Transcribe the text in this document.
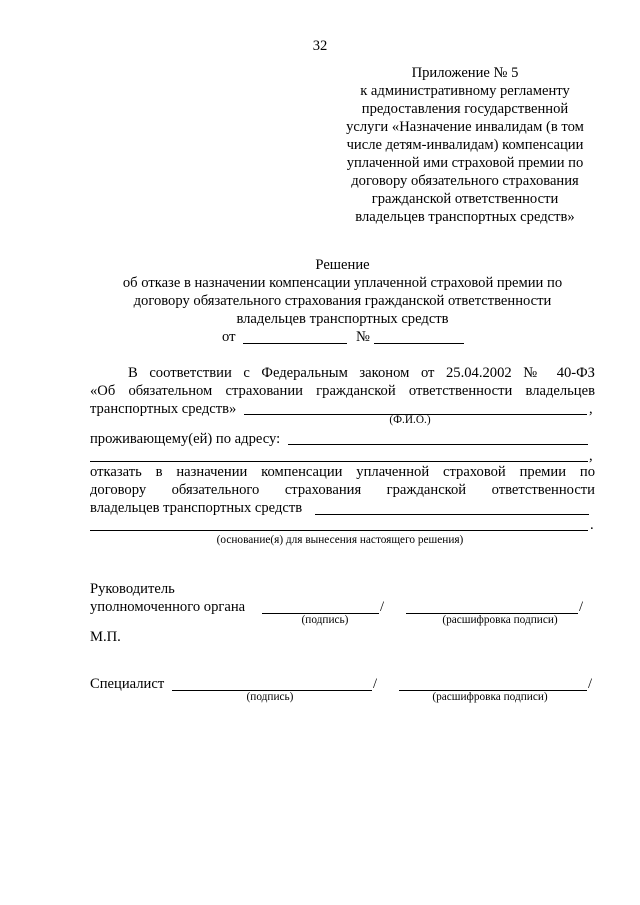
32
Приложение № 5
к административному регламенту
предоставления государственной
услуги «Назначение инвалидам (в том
числе детям-инвалидам) компенсации
уплаченной ими страховой премии по
договору обязательного страхования
гражданской ответственности
владельцев транспортных средств»
Решение
об отказе в назначении компенсации уплаченной страховой премии по
договору обязательного страхования гражданской ответственности
владельцев транспортных средств
от	№
В соответствии с Федеральным законом от 25.04.2002 № 40-ФЗ
«Об обязательном страховании гражданской ответственности владельцев
транспортных средств»	,
(Ф.И.О.)
проживающему(ей) по адресу:
,
отказать в назначении компенсации уплаченной страховой премии по
договору обязательного страхования гражданской ответственности
владельцев транспортных средств
.
(основание(я) для вынесения настоящего решения)
Руководитель
уполномоченного органа	/	/
(подпись)	(расшифровка подписи)
М.П.
Специалист	/	/
(подпись)	(расшифровка подписи)
